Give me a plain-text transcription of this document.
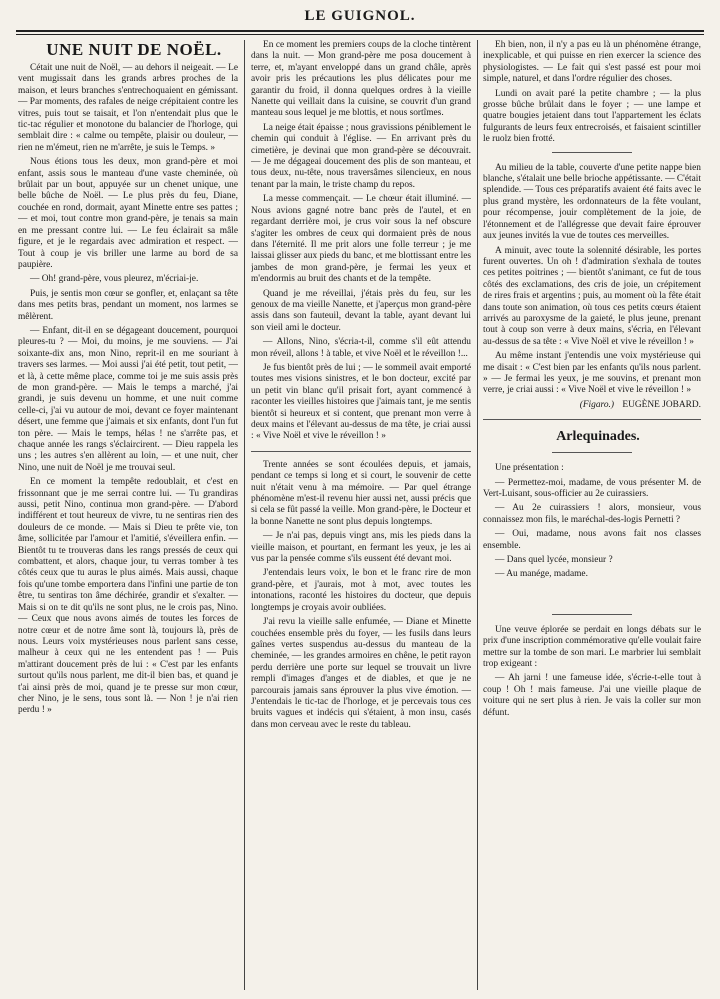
LE GUIGNOL.

UNE NUIT DE NOËL.

Cétait une nuit de Noël, — au dehors il neigeait. — Le vent mugissait dans les grands arbres proches de la maison, et leurs branches s'entrechoquaient en gémissant. — Par moments, des rafales de neige crépitaient contre les vitres, puis tout se taisait, et l'on n'entendait plus que le tic-tac régulier et monotone du balancier de l'horloge, qui semblait dire : « calme ou tempête, plaisir ou douleur, — rien ne m'émeut, rien ne m'arrête, je suis le Temps. »

Nous étions tous les deux, mon grand-père et moi enfant, assis sous le manteau d'une vaste cheminée, où brûlait par un bout, appuyée sur un chenet unique, une belle bûche de Noël. — Le plus près du feu, Diane, couchée en rond, dormait, ayant Minette entre ses pattes ; — et moi, tout contre mon grand-père, je tenais sa main en me pressant contre lui. — Le feu éclairait sa mâle figure, et je le regardais avec admiration et respect. — Tout à coup je vis briller une larme au bord de sa paupière.

— Oh! grand-père, vous pleurez, m'écriai-je.

Puis, je sentis mon cœur se gonfler, et, enlaçant sa tête dans mes petits bras, pendant un moment, nos larmes se mêlèrent.

— Enfant, dit-il en se dégageant doucement, pourquoi pleures-tu ? — Moi, du moins, je me souviens. — J'ai soixante-dix ans, mon Nino, reprit-il en me souriant à travers ses larmes. — Moi aussi j'ai été petit, tout petit, — et là, à cette même place, comme toi je me suis assis près de mon grand-père. — Mais le temps a marché, j'ai grandi, je suis devenu un homme, et une nuit comme celle-ci, j'ai vu autour de moi, devant ce foyer maintenant désert, une femme que j'aimais et six enfants, dont l'un fut ton père. — Mais le temps, hélas ! ne s'arrête pas, et chaque année les rangs s'éclaircirent. — Dieu rappela les uns ; les autres s'en allèrent au loin, — et une nuit, cher Nino, une nuit de Noël je me trouvai seul.

En ce moment la tempête redoublait, et c'est en frissonnant que je me serrai contre lui. — Tu grandiras aussi, petit Nino, continua mon grand-père. — D'abord indifférent et tout heureux de vivre, tu ne sentiras rien des douleurs de ce monde. — Mais si Dieu te prête vie, ton âme, sollicitée par l'amour et l'amitié, s'éveillera enfin. — Bientôt tu te trouveras dans les rangs pressés de ceux qui combattent, et alors, chaque jour, tu verras tomber à tes côtés ceux que tu auras le plus aimés. Mais aussi, chaque fois qu'une tombe emportera dans l'infini une partie de ton être, tu sentiras ton âme déchirée, grandir et s'exalter. — Mais si on te dit qu'ils ne sont plus, ne le crois pas, Nino. — Ceux que nous avons aimés de toutes les forces de notre cœur et de notre âme sont là, toujours là, près de nous. Leurs voix mystérieuses nous parlent sans cesse, malheur à ceux qui ne les entendent pas ! — Puis m'attirant doucement près de lui : « C'est par les enfants surtout qu'ils nous parlent, me dit-il bien bas, et quand je t'ai ainsi près de moi, quand je te presse sur mon cœur, cher Nino, je le sens, tous sont là. — Non ! je n'ai rien perdu ! »

En ce moment les premiers coups de la cloche tintèrent dans la nuit. — Mon grand-père me posa doucement à terre, et, m'ayant enveloppé dans un grand châle, après avoir pris les précautions les plus délicates pour me garantir du froid, il donna quelques ordres à la vieille Nanette qui veillait dans la cuisine, se couvrit d'un grand manteau sous lequel je me blottis, et nous sortîmes.

La neige était épaisse ; nous gravissions péniblement le chemin qui conduit à l'église. — En arrivant près du cimetière, je devinai que mon grand-père se découvrait. — Je me dégageai doucement des plis de son manteau, et tous deux, nu-tête, nous traversâmes silencieux, en nous tenant par la main, le triste champ du repos.

La messe commençait. — Le chœur était illuminé. — Nous avions gagné notre banc près de l'autel, et en regardant derrière moi, je crus voir sous la nef obscure s'agiter les ombres de ceux qui dormaient près de nous dans l'éternité. Il me prit alors une folle terreur ; je me laissai glisser aux pieds du banc, et me blottissant entre les jambes de mon grand-père, je fermai les yeux et m'endormis au bruit des chants et de la tempête.

Quand je me réveillai, j'étais près du feu, sur les genoux de ma vieille Nanette, et j'aperçus mon grand-père assis dans son fauteuil, devant la table, ayant devant lui son vieil ami le docteur.

— Allons, Nino, s'écria-t-il, comme s'il eût attendu mon réveil, allons ! à table, et vive Noël et le réveillon !...

Je fus bientôt près de lui ; — le sommeil avait emporté toutes mes visions sinistres, et le bon docteur, excité par un petit vin blanc qu'il prisait fort, ayant commencé à raconter les vieilles histoires que j'aimais tant, je me sentis bientôt si heureux et si content, que prenant mon verre à deux mains et l'élevant au-dessus de ma tête, je criai aussi : « Vive Noël et vive le réveillon ! »

Trente années se sont écoulées depuis, et jamais, pendant ce temps si long et si court, le souvenir de cette nuit n'était venu à ma mémoire. — Par quel étrange phénomène m'est-il revenu hier aussi net, aussi précis que si cela se fût passé la veille. Mon grand-père, le Docteur et la bonne Nanette ne sont plus depuis longtemps.

— Je n'ai pas, depuis vingt ans, mis les pieds dans la vieille maison, et pourtant, en fermant les yeux, je les ai vus par la pensée comme s'ils eussent été devant moi.

J'entendais leurs voix, le bon et le franc rire de mon grand-père, et j'aurais, mot à mot, avec toutes les intonations, raconté les histoires du docteur, que depuis longtemps je croyais avoir oubliées.

J'ai revu la vieille salle enfumée, — Diane et Minette couchées ensemble près du foyer, — les fusils dans leurs gaînes vertes suspendus au-dessus du manteau de la cheminée, — les grandes armoires en chêne, le petit rayon perdu derrière une porte sur lequel se trouvait un livre rempli d'images d'anges et de diables, et que je ne parcourais jamais sans éprouver la plus vive émotion. — J'entendais le tic-tac de l'horloge, et je percevais tous ces bruits vagues et indécis qui s'étaient, à mon insu, casés dans mon cerveau avec le reste du tableau.

Eh bien, non, il n'y a pas eu là un phénomène étrange, inexplicable, et qui puisse en rien exercer la science des physiologistes. — Le fait qui s'est passé est pour moi simple, naturel, et dans l'ordre régulier des choses.

Lundi on avait paré la petite chambre ; — la plus grosse bûche brûlait dans le foyer ; — une lampe et quatre bougies jetaient dans tout l'appartement les éclats fulgurants de leurs feux entrecroisés, et faisaient scintiller le ruolz bien frotté.

Au milieu de la table, couverte d'une petite nappe bien blanche, s'étalait une belle brioche appétissante. — C'était splendide. — Tous ces préparatifs avaient été faits avec le plus grand mystère, les ordonnateurs de la fête voulant, pour récompense, jouir complètement de la joie, de l'étonnement et de l'allégresse que devait faire éprouver aux jeunes invités la vue de toutes ces merveilles.

A minuit, avec toute la solennité désirable, les portes furent ouvertes. Un oh ! d'admiration s'exhala de toutes ces petites poitrines ; — bientôt s'animant, ce fut de tous côtés des exclamations, des cris de joie, un crépitement de rires frais et argentins ; puis, au moment où la fête était dans toute son animation, où tous ces petits cœurs étaient arrivés au paroxysme de la gaieté, le plus jeune, prenant tout à coup son verre à deux mains, s'écria, en l'élevant au-dessus de sa tête : « Vive Noël et vive le réveillon ! »

Au même instant j'entendis une voix mystérieuse qui me disait : « C'est bien par les enfants qu'ils nous parlent. » — Je fermai les yeux, je me souvins, et prenant mon verre, je criai aussi : « Vive Noël et vive le réveillon ! »

(Figaro.) EUGÈNE JOBARD.

Arlequinades.

Une présentation :

— Permettez-moi, madame, de vous présenter M. de Vert-Luisant, sous-officier au 2e cuirassiers.

— Au 2e cuirassiers ! alors, monsieur, vous connaissez mon fils, le maréchal-des-logis Pernetti ?

— Oui, madame, nous avons fait nos classes ensemble.

— Dans quel lycée, monsieur ?

— Au manége, madame.

Une veuve éplorée se perdait en longs débats sur le prix d'une inscription commémorative qu'elle voulait faire mettre sur la tombe de son mari. Le marbrier lui semblait trop exigeant :

— Ah jarni ! une fameuse idée, s'écrie-t-elle tout à coup ! Oh ! mais fameuse. J'ai une vieille plaque de voiture qui ne sert plus à rien. Je vais la coller sur mon défunt.
